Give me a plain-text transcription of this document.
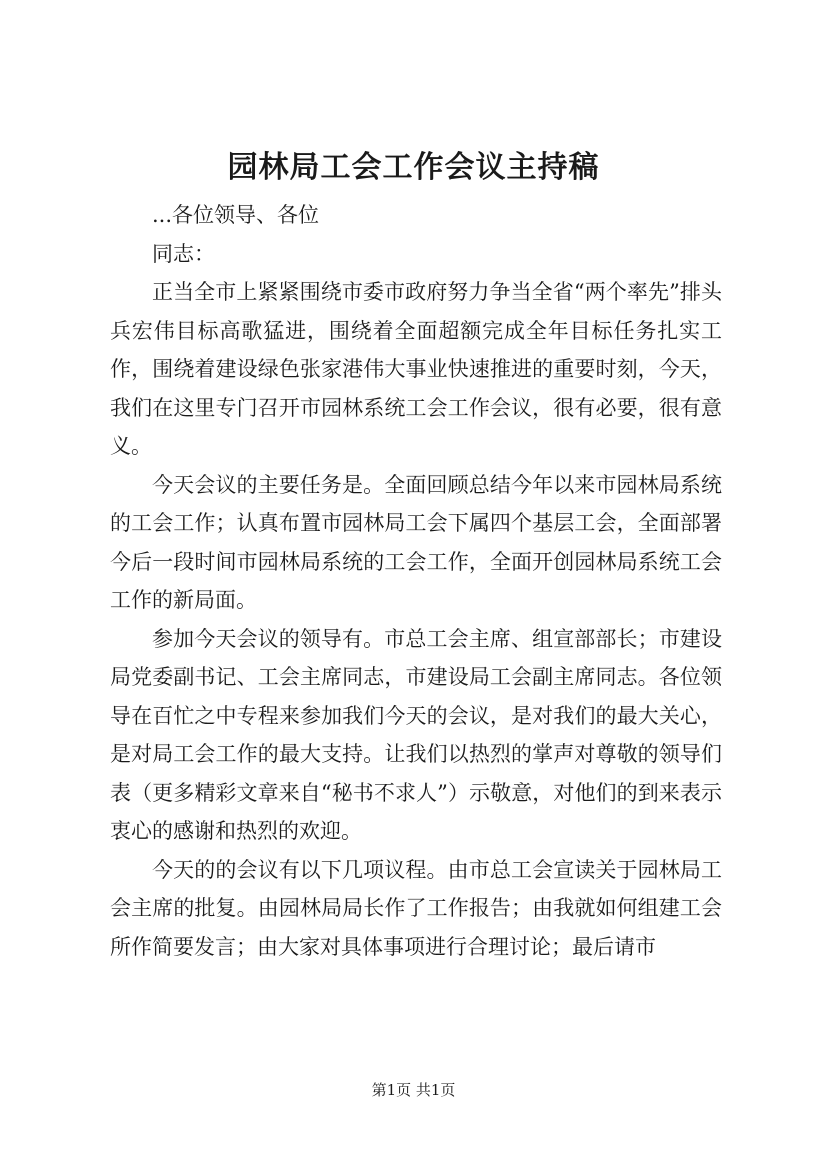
园林局工会工作会议主持稿

...各位领导、各位

同志：

正当全市上紧紧围绕市委市政府努力争当全省“两个率先”排头兵宏伟目标高歌猛进，围绕着全面超额完成全年目标任务扎实工作，围绕着建设绿色张家港伟大事业快速推进的重要时刻，今天，我们在这里专门召开市园林系统工会工作会议，很有必要，很有意义。

今天会议的主要任务是。全面回顾总结今年以来市园林局系统的工会工作；认真布置市园林局工会下属四个基层工会，全面部署今后一段时间市园林局系统的工会工作，全面开创园林局系统工会工作的新局面。

参加今天会议的领导有。市总工会主席、组宣部部长；市建设局党委副书记、工会主席同志，市建设局工会副主席同志。各位领导在百忙之中专程来参加我们今天的会议，是对我们的最大关心，是对局工会工作的最大支持。让我们以热烈的掌声对尊敬的领导们表（更多精彩文章来自“秘书不求人”）示敬意，对他们的到来表示衷心的感谢和热烈的欢迎。

今天的的会议有以下几项议程。由市总工会宣读关于园林局工会主席的批复。由园林局局长作了工作报告；由我就如何组建工会所作简要发言；由大家对具体事项进行合理讨论；最后请市

第1页 共1页
